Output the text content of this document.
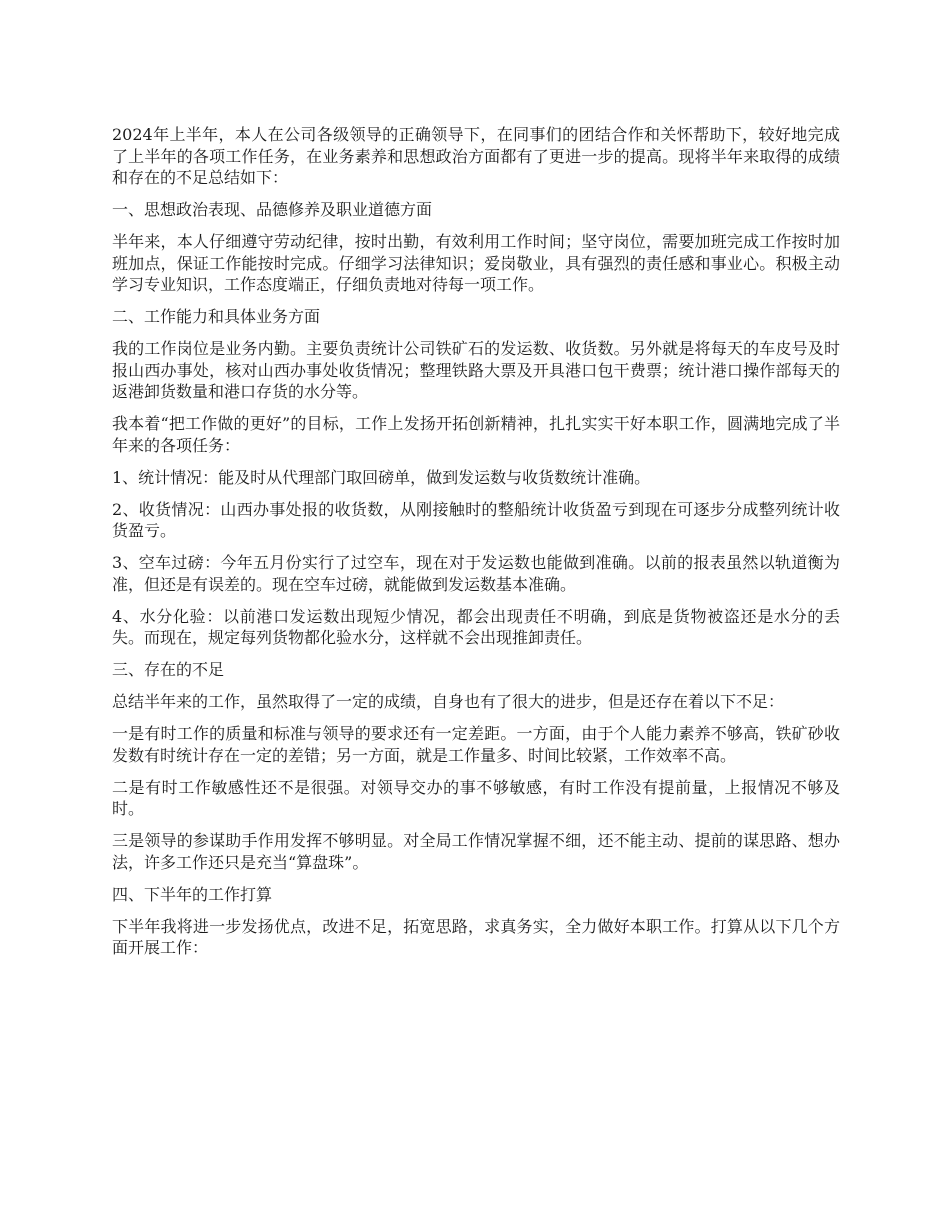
2024年上半年，本人在公司各级领导的正确领导下，在同事们的团结合作和关怀帮助下，较好地完成了上半年的各项工作任务，在业务素养和思想政治方面都有了更进一步的提高。现将半年来取得的成绩和存在的不足总结如下：

一、思想政治表现、品德修养及职业道德方面

半年来，本人仔细遵守劳动纪律，按时出勤，有效利用工作时间；坚守岗位，需要加班完成工作按时加班加点，保证工作能按时完成。仔细学习法律知识；爱岗敬业，具有强烈的责任感和事业心。积极主动学习专业知识，工作态度端正，仔细负责地对待每一项工作。

二、工作能力和具体业务方面

我的工作岗位是业务内勤。主要负责统计公司铁矿石的发运数、收货数。另外就是将每天的车皮号及时报山西办事处，核对山西办事处收货情况；整理铁路大票及开具港口包干费票；统计港口操作部每天的返港卸货数量和港口存货的水分等。

我本着“把工作做的更好”的目标，工作上发扬开拓创新精神，扎扎实实干好本职工作，圆满地完成了半年来的各项任务：

1、统计情况：能及时从代理部门取回磅单，做到发运数与收货数统计准确。

2、收货情况：山西办事处报的收货数，从刚接触时的整船统计收货盈亏到现在可逐步分成整列统计收货盈亏。

3、空车过磅：今年五月份实行了过空车，现在对于发运数也能做到准确。以前的报表虽然以轨道衡为准，但还是有误差的。现在空车过磅，就能做到发运数基本准确。

4、水分化验：以前港口发运数出现短少情况，都会出现责任不明确，到底是货物被盗还是水分的丢失。而现在，规定每列货物都化验水分，这样就不会出现推卸责任。

三、存在的不足

总结半年来的工作，虽然取得了一定的成绩，自身也有了很大的进步，但是还存在着以下不足：

一是有时工作的质量和标准与领导的要求还有一定差距。一方面，由于个人能力素养不够高，铁矿砂收发数有时统计存在一定的差错；另一方面，就是工作量多、时间比较紧，工作效率不高。

二是有时工作敏感性还不是很强。对领导交办的事不够敏感，有时工作没有提前量，上报情况不够及时。

三是领导的参谋助手作用发挥不够明显。对全局工作情况掌握不细，还不能主动、提前的谋思路、想办法，许多工作还只是充当“算盘珠”。

四、下半年的工作打算

下半年我将进一步发扬优点，改进不足，拓宽思路，求真务实，全力做好本职工作。打算从以下几个方面开展工作：
